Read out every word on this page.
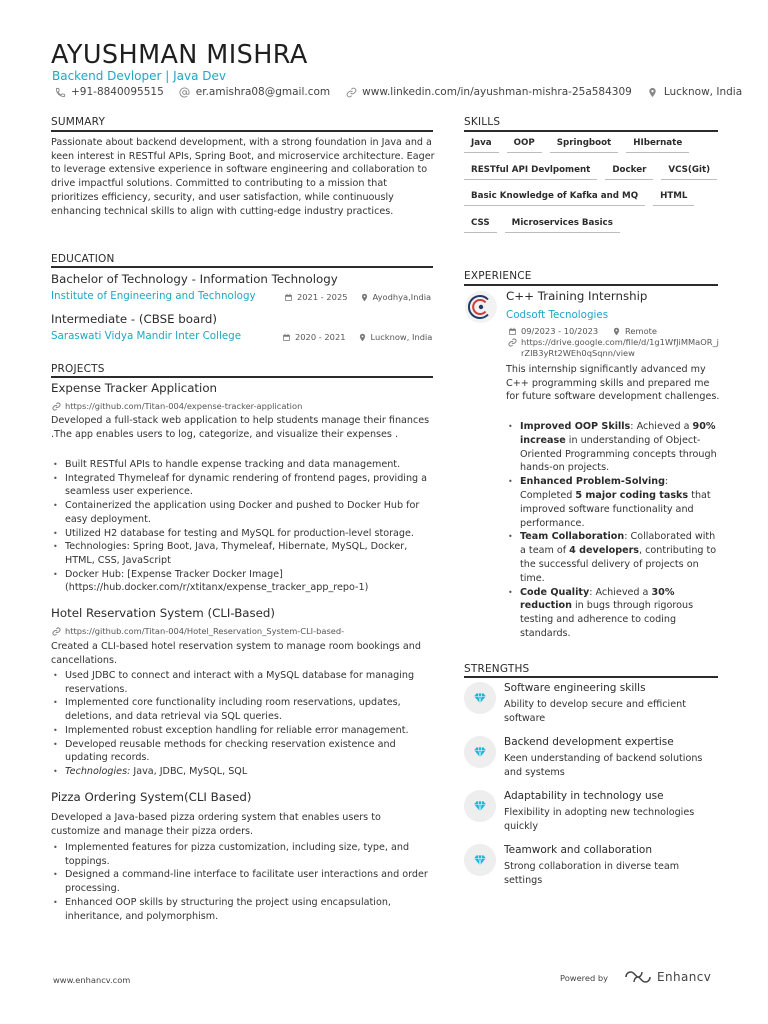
AYUSHMAN MISHRA
Backend Devloper | Java Dev
+91-8840095515	er.amishra08@gmail.com	www.linkedin.com/in/ayushman-mishra-25a584309	Lucknow, India
SUMMARY
Passionate about backend development, with a strong foundation in Java and a keen interest in RESTful APIs, Spring Boot, and microservice architecture. Eager to leverage extensive experience in software engineering and collaboration to drive impactful solutions. Committed to contributing to a mission that prioritizes efficiency, security, and user satisfaction, while continuously enhancing technical skills to align with cutting-edge industry practices.
EDUCATION
Bachelor of Technology - Information Technology
Institute of Engineering and Technology	2021 - 2025	Ayodhya,India
Intermediate - (CBSE board)
Saraswati Vidya Mandir Inter College	2020 - 2021	Lucknow, India
PROJECTS
Expense Tracker Application
https://github.com/Titan-004/expense-tracker-application
Developed a full-stack web application to help students manage their finances .The app enables users to log, categorize, and visualize their expenses .
• Built RESTful APIs to handle expense tracking and data management.
• Integrated Thymeleaf for dynamic rendering of frontend pages, providing a seamless user experience.
• Containerized the application using Docker and pushed to Docker Hub for easy deployment.
• Utilized H2 database for testing and MySQL for production-level storage.
• Technologies: Spring Boot, Java, Thymeleaf, Hibernate, MySQL, Docker, HTML, CSS, JavaScript
• Docker Hub: [Expense Tracker Docker Image](https://hub.docker.com/r/xtitanx/expense_tracker_app_repo-1)
Hotel Reservation System (CLI-Based)
https://github.com/Titan-004/Hotel_Reservation_System-CLI-based-
Created a CLI-based hotel reservation system to manage room bookings and cancellations.
• Used JDBC to connect and interact with a MySQL database for managing reservations.
• Implemented core functionality including room reservations, updates, deletions, and data retrieval via SQL queries.
• Implemented robust exception handling for reliable error management.
• Developed reusable methods for checking reservation existence and updating records.
• Technologies: Java, JDBC, MySQL, SQL
Pizza Ordering System(CLI Based)
Developed a Java-based pizza ordering system that enables users to customize and manage their pizza orders.
• Implemented features for pizza customization, including size, type, and toppings.
• Designed a command-line interface to facilitate user interactions and order processing.
• Enhanced OOP skills by structuring the project using encapsulation, inheritance, and polymorphism.
SKILLS
Java	OOP	Springboot	HIbernate
RESTful API Devlpoment	Docker	VCS(Git)
Basic Knowledge of Kafka and MQ	HTML
CSS	Microservices Basics
EXPERIENCE
C++ Training Internship
Codsoft Tecnologies
09/2023 - 10/2023	Remote
https://drive.google.com/file/d/1g1WfJiMMaOR_jrZIB3yRt2WEh0qSqnn/view
This internship significantly advanced my C++ programming skills and prepared me for future software development challenges.
• Improved OOP Skills: Achieved a 90% increase in understanding of Object-Oriented Programming concepts through hands-on projects.
• Enhanced Problem-Solving: Completed 5 major coding tasks that improved software functionality and performance.
• Team Collaboration: Collaborated with a team of 4 developers, contributing to the successful delivery of projects on time.
• Code Quality: Achieved a 30% reduction in bugs through rigorous testing and adherence to coding standards.
STRENGTHS
Software engineering skills
Ability to develop secure and efficient software
Backend development expertise
Keen understanding of backend solutions and systems
Adaptability in technology use
Flexibility in adopting new technologies quickly
Teamwork and collaboration
Strong collaboration in diverse team settings
www.enhancv.com	Powered by	Enhancv
